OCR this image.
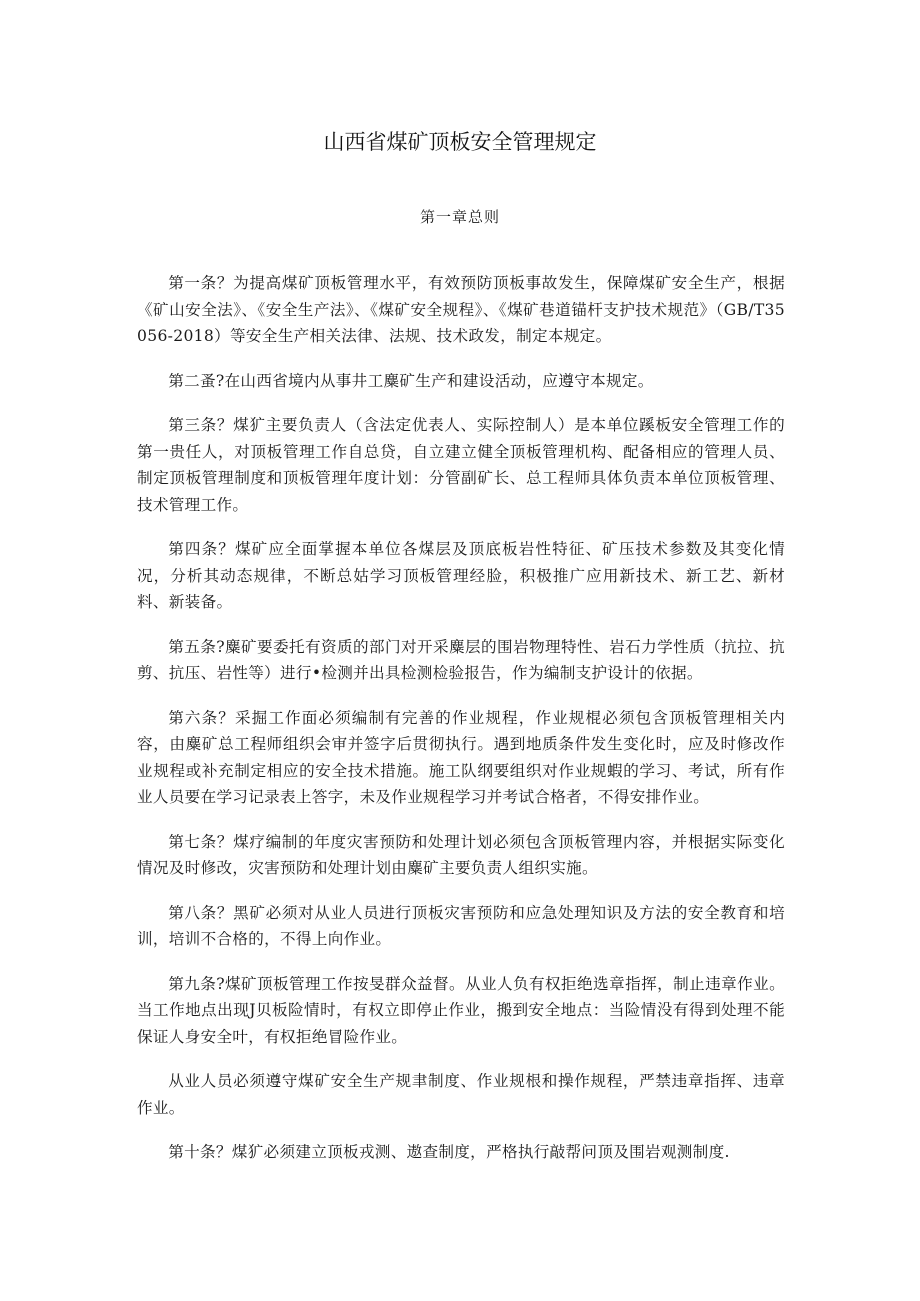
山西省煤矿顶板安全管理规定
第一章总则

第一条？为提高煤矿顶板管理水平，有效预防顶板事故发生，保障煤矿安全生产，根据《矿山安全法》、《安全生产法》、《煤矿安全规程》、《煤矿巷道锚杆支护技术规范》（GB/T35056-2018）等安全生产相关法律、法规、技术政发，制定本规定。

第二蚤?在山西省境内从事井工麋矿生产和建设活动，应遵守本规定。

第三条？煤犷主要负责人（含法定优表人、实际控制人）是本单位蹊板安全管理工作的第一贵任人，对顶板管理工作自总贷，自立建立健全顶板管理机构、配备相应的管理人员、制定顶板管理制度和顶板管理年度计划：分管副矿长、总工程师具体负责本单位顶板管理、技术管理工作。

第四条？煤矿应全面掌握本单位各煤层及顶底板岩性特征、矿压技术参数及其变化情况，分析其动态规律，不断总姑学习顶板管理经脸，积极推广应用新技术、新工艺、新材料、新装备。

第五条?麋矿要委托有资质的部门对开采麋层的围岩物理特性、岩石力学性质（抗拉、抗剪、抗压、岩性等）进行•检测并出具检测检验报告，作为编制支护设计的依据。

第六条？采掘工作面必须编制有完善的作业规程，作业规棍必须包含顶板管理相关内容，由麋矿总工程师组织会审并签字后贯彻执行。遇到地质条件发生变化时，应及时修改作业规程或补充制定相应的安全技术措施。施工队纲要组织对作业规蝦的学习、考试，所有作业人员要在学习记录表上答字，未及作业规程学习并考试合格者，不得安排作业。

第七条？煤疗编制的年度灾害预防和处理计划必须包含顶板管理内容，并根据实际变化情况及时修改，灾害预防和处理计划由麋矿主要负责人组织实施。

第八条？黑矿必须对从业人员进行顶板灾害预防和应急处理知识及方法的安全教育和培训，培训不合格的，不得上向作业。

第九条?煤矿顶板管理工作按旻群众益督。从业人负有权拒绝选章指挥，制止违章作业。当工作地点出现J贝板险情时，有权立即停止作业，搬到安全地点：当险情没有得到处理不能保证人身安全叶，有权拒绝冒险作业。

从业人员必须遵守煤矿安全生产规聿制度、作业规根和操作规程，严禁违章指挥、违章作业。

第十条？煤犷必须建立顶板戎测、遨查制度，严格执行敲帮问顶及围岩观测制度.
